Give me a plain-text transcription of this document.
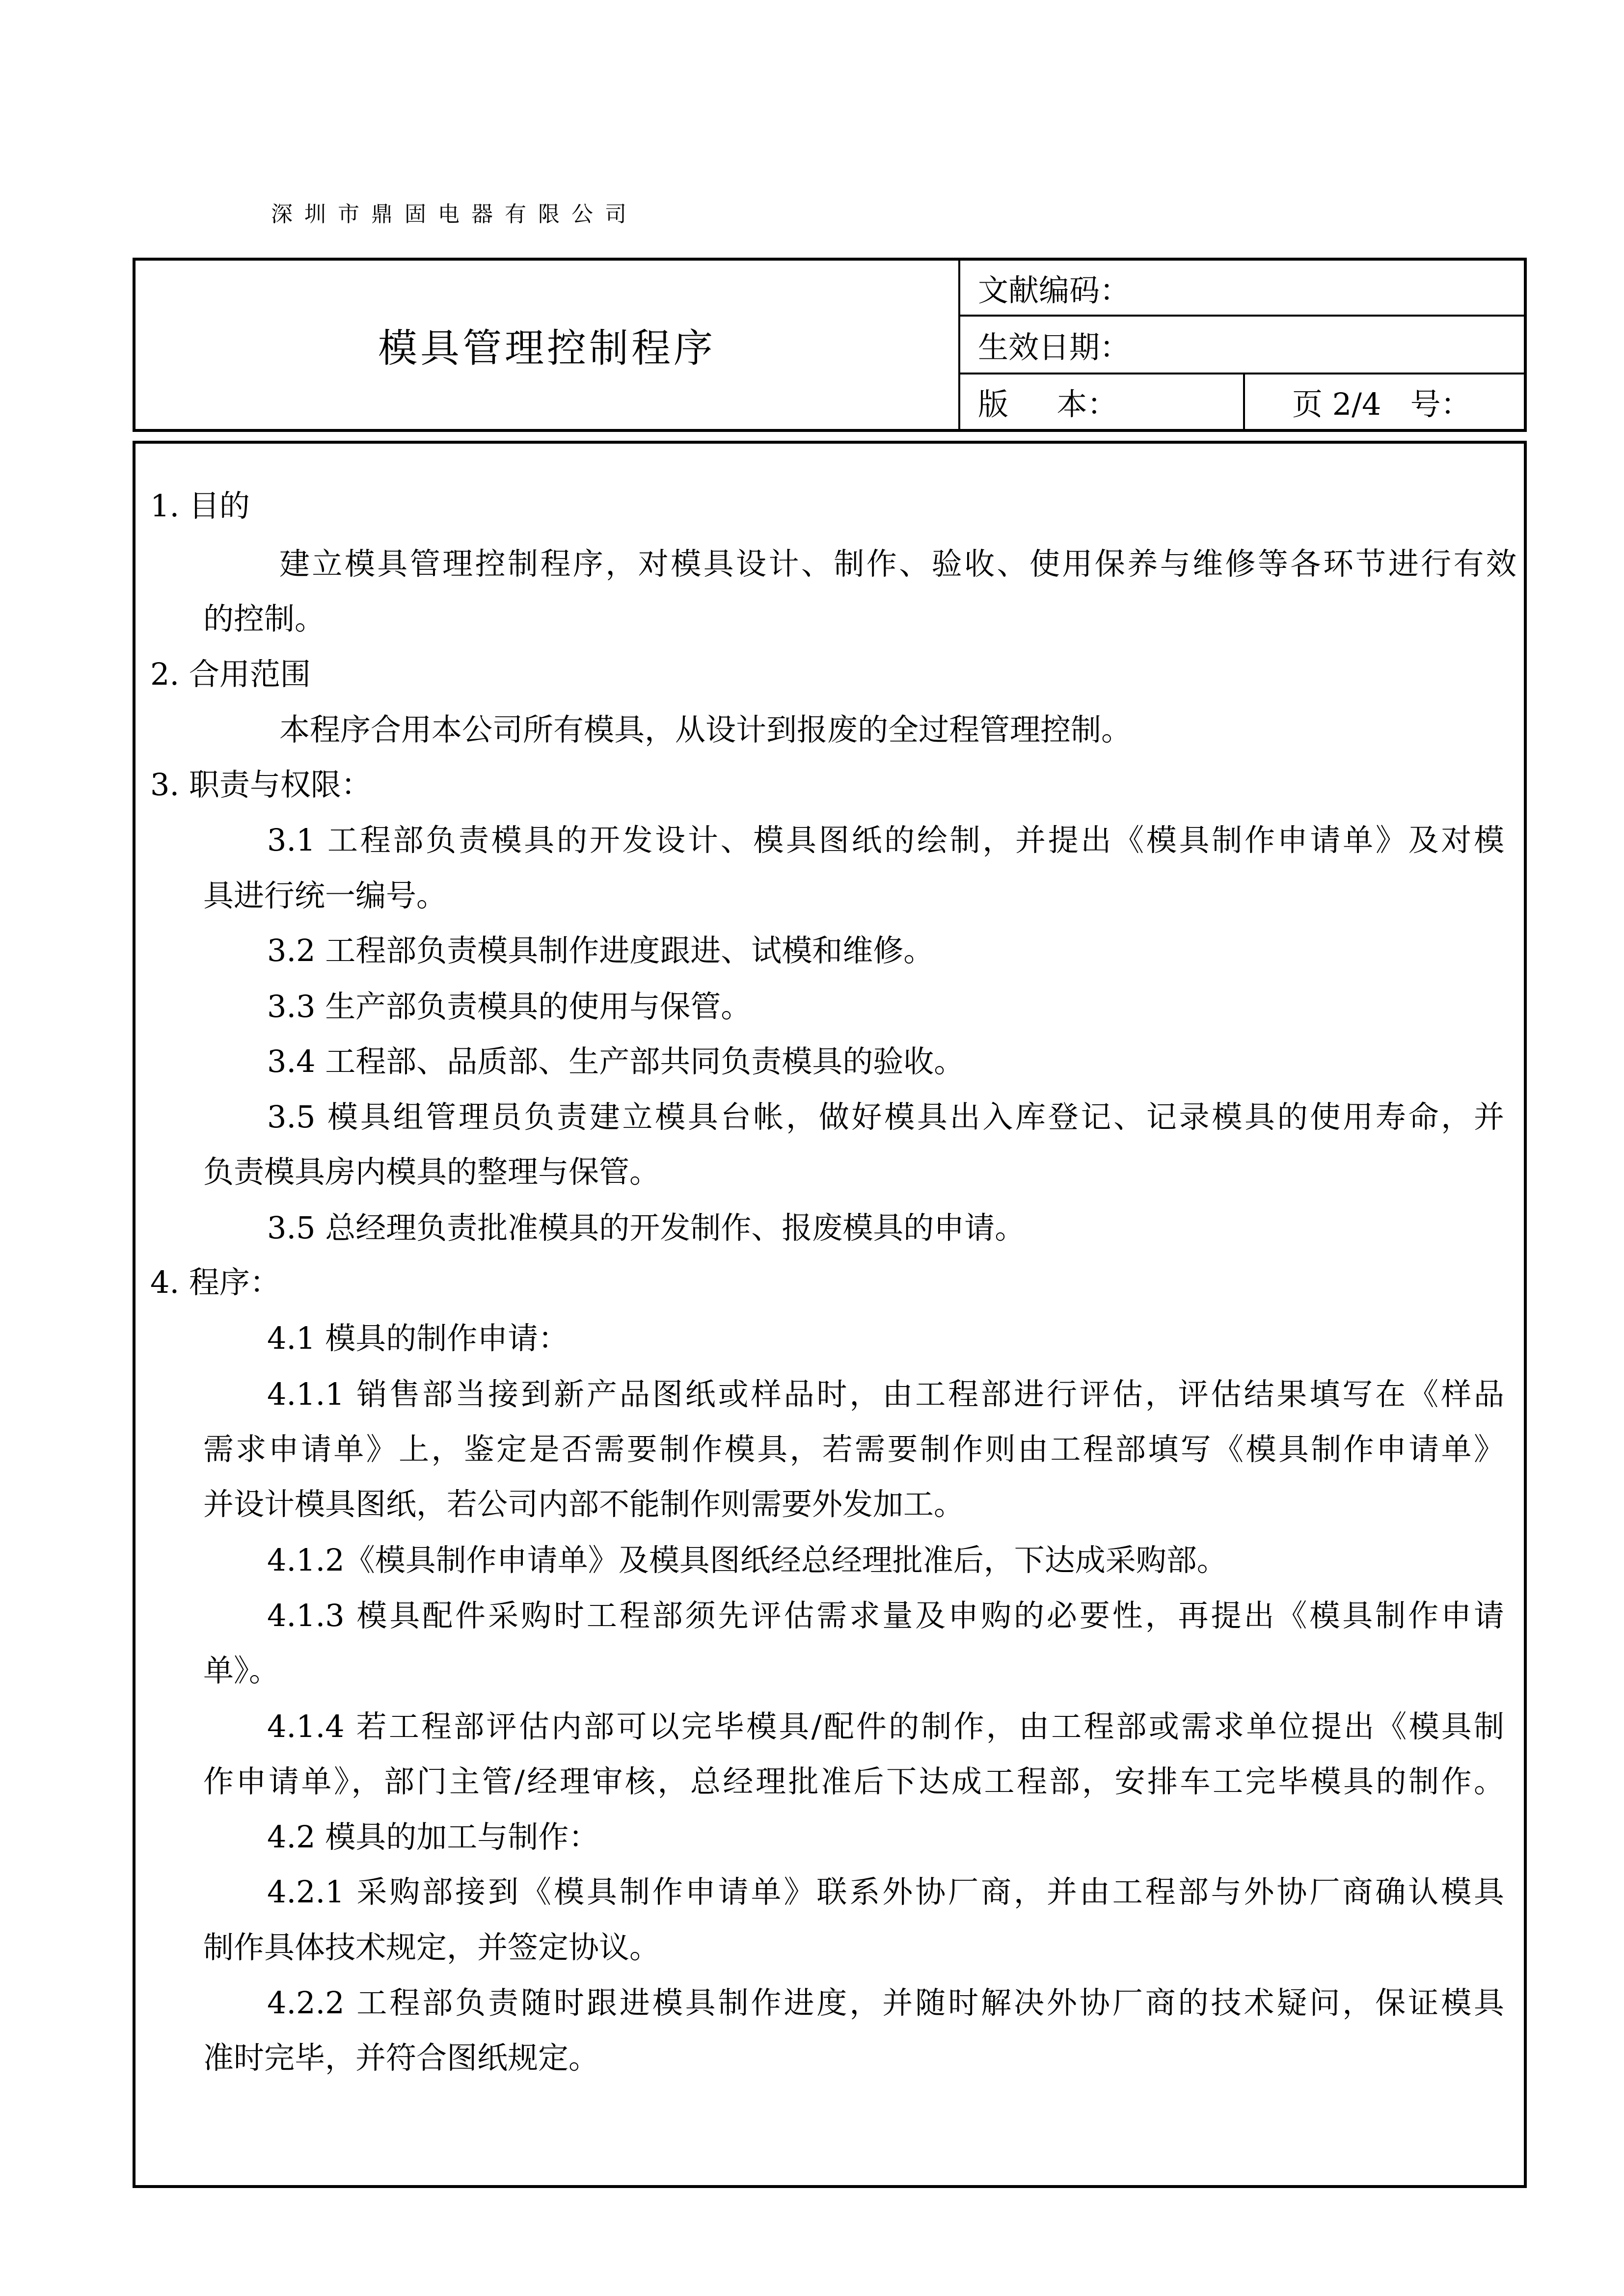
深圳市鼎固电器有限公司
模具管理控制程序
文献编码：
生效日期：
版     本：	页 2/4   号：
1. 目的
建立模具管理控制程序，对模具设计、制作、验收、使用保养与维修等各环节进行有效
的控制。
2. 合用范围
本程序合用本公司所有模具，从设计到报废的全过程管理控制。
3. 职责与权限：
3.1 工程部负责模具的开发设计、模具图纸的绘制，并提出《模具制作申请单》及对模
具进行统一编号。
3.2 工程部负责模具制作进度跟进、试模和维修。
3.3 生产部负责模具的使用与保管。
3.4 工程部、品质部、生产部共同负责模具的验收。
3.5 模具组管理员负责建立模具台帐，做好模具出入库登记、记录模具的使用寿命，并
负责模具房内模具的整理与保管。
3.5 总经理负责批准模具的开发制作、报废模具的申请。
4. 程序：
4.1 模具的制作申请：
4.1.1 销售部当接到新产品图纸或样品时，由工程部进行评估，评估结果填写在《样品
需求申请单》上，鉴定是否需要制作模具，若需要制作则由工程部填写《模具制作申请单》
并设计模具图纸，若公司内部不能制作则需要外发加工。
4.1.2《模具制作申请单》及模具图纸经总经理批准后，下达成采购部。
4.1.3 模具配件采购时工程部须先评估需求量及申购的必要性，再提出《模具制作申请
单》。
4.1.4 若工程部评估内部可以完毕模具/配件的制作，由工程部或需求单位提出《模具制
作申请单》，部门主管/经理审核，总经理批准后下达成工程部，安排车工完毕模具的制作。
4.2 模具的加工与制作：
4.2.1 采购部接到《模具制作申请单》联系外协厂商，并由工程部与外协厂商确认模具
制作具体技术规定，并签定协议。
4.2.2 工程部负责随时跟进模具制作进度，并随时解决外协厂商的技术疑问，保证模具
准时完毕，并符合图纸规定。
